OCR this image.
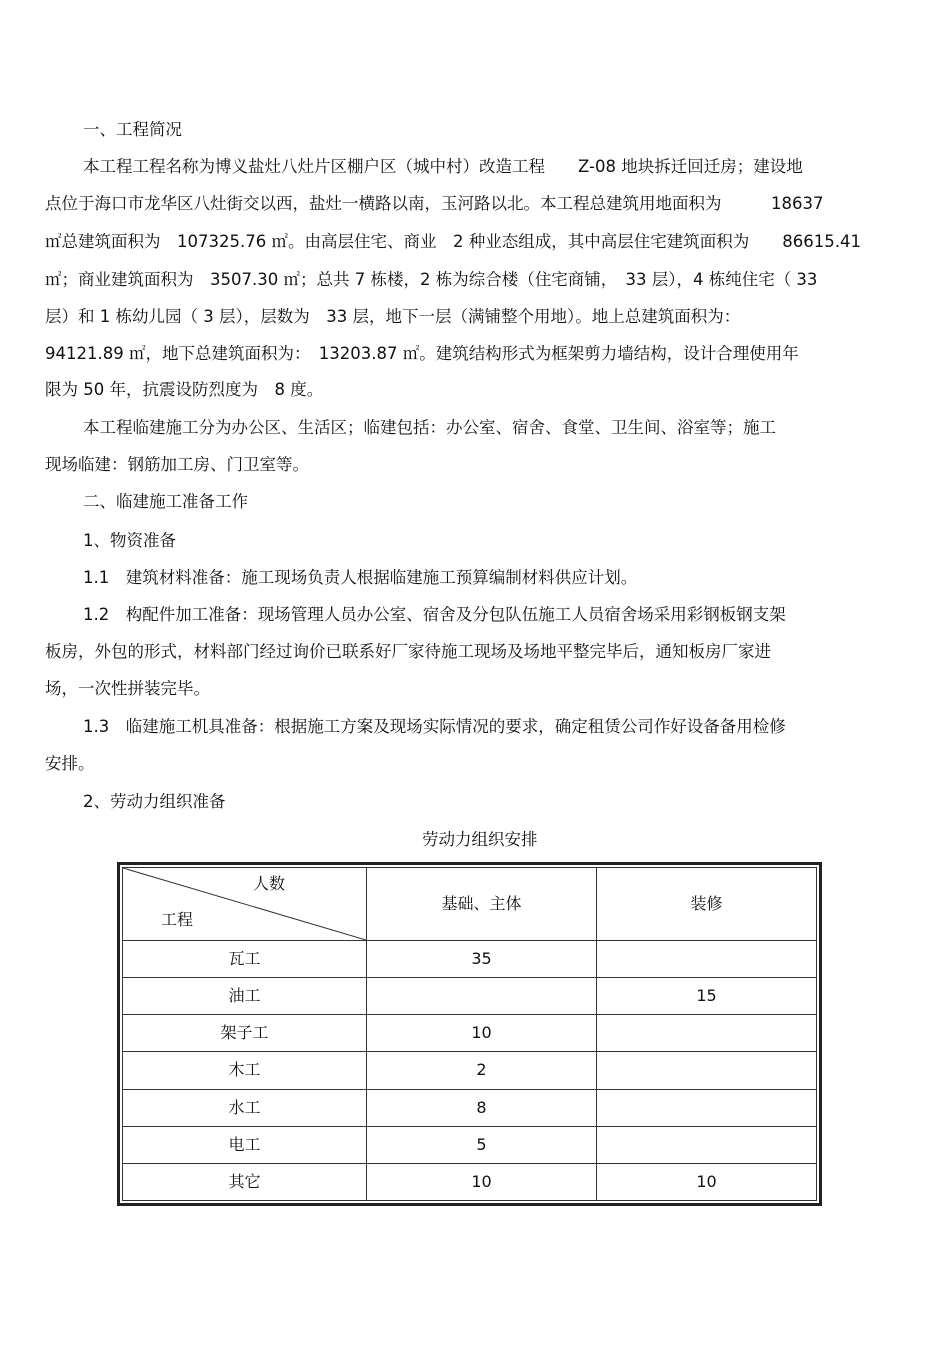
一、工程简况
本工程工程名称为博义盐灶八灶片区棚户区（城中村）改造工程　　Z-08 地块拆迁回迁房；建设地
点位于海口市龙华区八灶街交以西，盐灶一横路以南，玉河路以北。本工程总建筑用地面积为　　　18637
㎡总建筑面积为　107325.76 ㎡。由高层住宅、商业　2 种业态组成，其中高层住宅建筑面积为　　86615.41
㎡；商业建筑面积为　3507.30 ㎡；总共 7 栋楼，2 栋为综合楼（住宅商铺，　33 层），4 栋纯住宅（ 33
层）和 1 栋幼儿园（ 3 层），层数为　33 层，地下一层（满铺整个用地）。地上总建筑面积为：
94121.89 ㎡，地下总建筑面积为：　13203.87 ㎡。建筑结构形式为框架剪力墙结构，设计合理使用年
限为 50 年，抗震设防烈度为　8 度。
本工程临建施工分为办公区、生活区；临建包括：办公室、宿舍、食堂、卫生间、浴室等；施工
现场临建：钢筋加工房、门卫室等。
二、临建施工准备工作
1、物资准备
1.1　建筑材料准备：施工现场负责人根据临建施工预算编制材料供应计划。
1.2　构配件加工准备：现场管理人员办公室、宿舍及分包队伍施工人员宿舍场采用彩钢板钢支架
板房，外包的形式，材料部门经过询价已联系好厂家待施工现场及场地平整完毕后，通知板房厂家进
场，一次性拼装完毕。
1.3　临建施工机具准备：根据施工方案及现场实际情况的要求，确定租赁公司作好设备备用检修
安排。
2、劳动力组织准备
劳动力组织安排
人数
工程	基础、主体	装修
瓦工	35	
油工		15
架子工	10	
木工	2	
水工	8	
电工	5	
其它	10	10
